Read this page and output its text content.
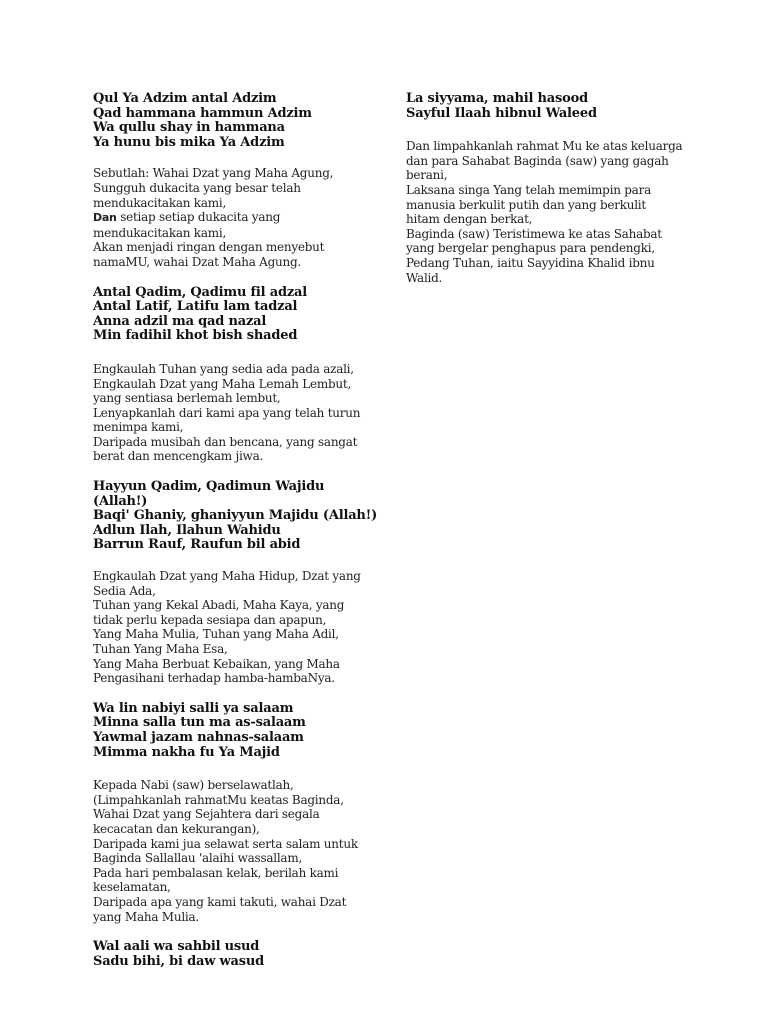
Qul Ya Adzim antal Adzim
Qad hammana hammun Adzim
Wa qullu shay in hammana
Ya hunu bis mika Ya Adzim
Sebutlah: Wahai Dzat yang Maha Agung,
Sungguh dukacita yang besar telah
mendukacitakan kami,
Dan setiap setiap dukacita yang
mendukacitakan kami,
Akan menjadi ringan dengan menyebut
namaMU, wahai Dzat Maha Agung.
Antal Qadim, Qadimu fil adzal
Antal Latif, Latifu lam tadzal
Anna adzil ma qad nazal
Min fadihil khot bish shaded
Engkaulah Tuhan yang sedia ada pada azali,
Engkaulah Dzat yang Maha Lemah Lembut,
yang sentiasa berlemah lembut,
Lenyapkanlah dari kami apa yang telah turun
menimpa kami,
Daripada musibah dan bencana, yang sangat
berat dan mencengkam jiwa.
Hayyun Qadim, Qadimun Wajidu
(Allah!)
Baqi' Ghaniy, ghaniyyun Majidu (Allah!)
Adlun Ilah, Ilahun Wahidu
Barrun Rauf, Raufun bil abid
Engkaulah Dzat yang Maha Hidup, Dzat yang
Sedia Ada,
Tuhan yang Kekal Abadi, Maha Kaya, yang
tidak perlu kepada sesiapa dan apapun,
Yang Maha Mulia, Tuhan yang Maha Adil,
Tuhan Yang Maha Esa,
Yang Maha Berbuat Kebaikan, yang Maha
Pengasihani terhadap hamba-hambaNya.
Wa lin nabiyi salli ya salaam
Minna salla tun ma as-salaam
Yawmal jazam nahnas-salaam
Mimma nakha fu Ya Majid
Kepada Nabi (saw) berselawatlah,
(Limpahkanlah rahmatMu keatas Baginda,
Wahai Dzat yang Sejahtera dari segala
kecacatan dan kekurangan),
Daripada kami jua selawat serta salam untuk
Baginda Sallallau 'alaihi wassallam,
Pada hari pembalasan kelak, berilah kami
keselamatan,
Daripada apa yang kami takuti, wahai Dzat
yang Maha Mulia.
Wal aali wa sahbil usud
Sadu bihi, bi daw wasud
La siyyama, mahil hasood
Sayful Ilaah hibnul Waleed
Dan limpahkanlah rahmat Mu ke atas keluarga
dan para Sahabat Baginda (saw) yang gagah
berani,
Laksana singa Yang telah memimpin para
manusia berkulit putih dan yang berkulit
hitam dengan berkat,
Baginda (saw) Teristimewa ke atas Sahabat
yang bergelar penghapus para pendengki,
Pedang Tuhan, iaitu Sayyidina Khalid ibnu
Walid.
